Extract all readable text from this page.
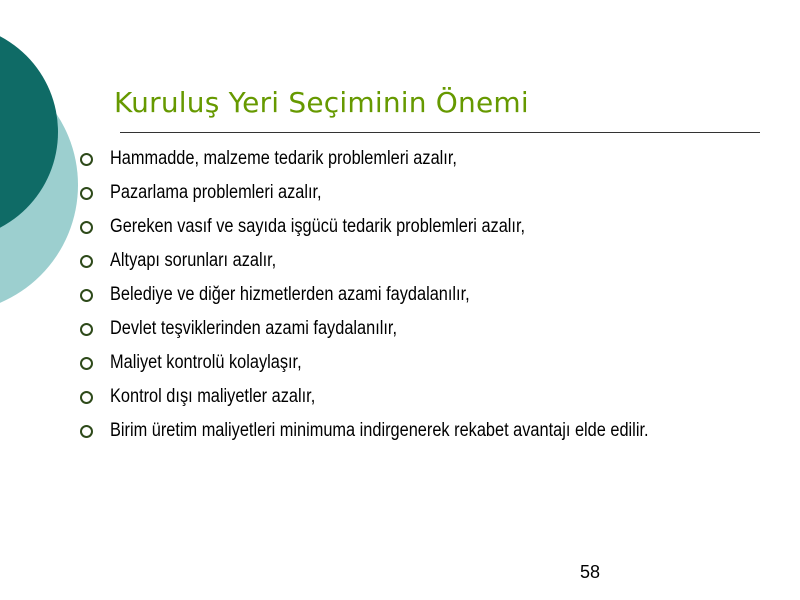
Kuruluş Yeri Seçiminin Önemi
Hammadde, malzeme tedarik problemleri azalır,
Pazarlama problemleri azalır,
Gereken vasıf ve sayıda işgücü tedarik problemleri azalır,
Altyapı sorunları azalır,
Belediye ve diğer hizmetlerden azami faydalanılır,
Devlet teşviklerinden azami faydalanılır,
Maliyet kontrolü kolaylaşır,
Kontrol dışı maliyetler azalır,
Birim üretim maliyetleri minimuma indirgenerek rekabet avantajı elde edilir.
58
